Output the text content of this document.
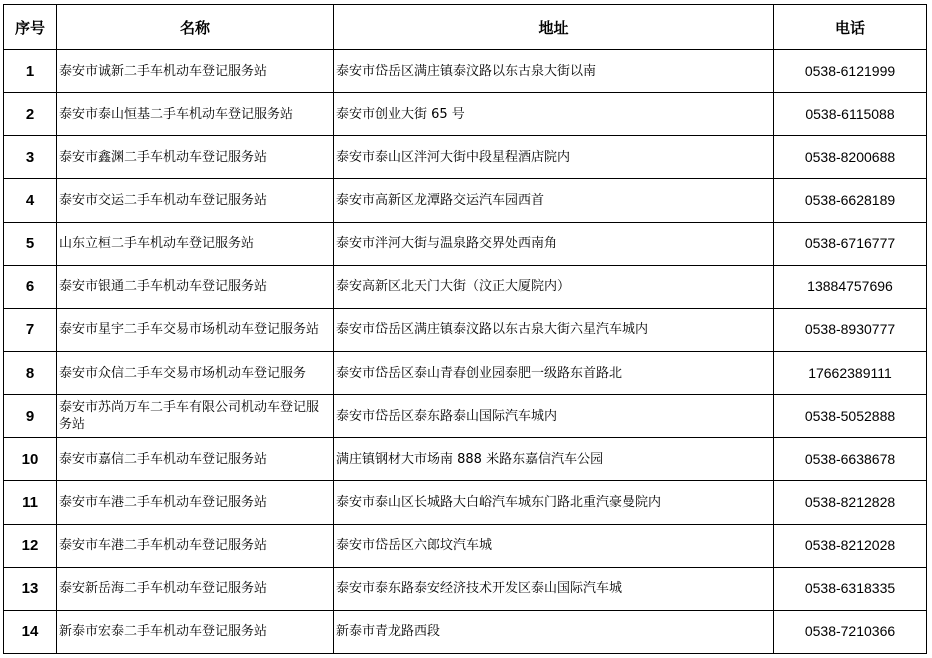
序号	名称	地址	电话
1	泰安市诚新二手车机动车登记服务站	泰安市岱岳区满庄镇泰汶路以东古泉大街以南	0538-6121999
2	泰安市泰山恒基二手车机动车登记服务站	泰安市创业大街 65 号	0538-6115088
3	泰安市鑫渊二手车机动车登记服务站	泰安市泰山区泮河大街中段星程酒店院内	0538-8200688
4	泰安市交运二手车机动车登记服务站	泰安市高新区龙潭路交运汽车园西首	0538-6628189
5	山东立桓二手车机动车登记服务站	泰安市泮河大街与温泉路交界处西南角	0538-6716777
6	泰安市银通二手车机动车登记服务站	泰安高新区北天门大街（汶正大厦院内）	13884757696
7	泰安市星宇二手车交易市场机动车登记服务站	泰安市岱岳区满庄镇泰汶路以东古泉大街六星汽车城内	0538-8930777
8	泰安市众信二手车交易市场机动车登记服务	泰安市岱岳区泰山青春创业园泰肥一级路东首路北	17662389111
9	泰安市苏尚万车二手车有限公司机动车登记服务站	泰安市岱岳区泰东路泰山国际汽车城内	0538-5052888
10	泰安市嘉信二手车机动车登记服务站	满庄镇钢材大市场南 888 米路东嘉信汽车公园	0538-6638678
11	泰安市车港二手车机动车登记服务站	泰安市泰山区长城路大白峪汽车城东门路北重汽豪曼院内	0538-8212828
12	泰安市车港二手车机动车登记服务站	泰安市岱岳区六郎坟汽车城	0538-8212028
13	泰安新岳海二手车机动车登记服务站	泰安市泰东路泰安经济技术开发区泰山国际汽车城	0538-6318335
14	新泰市宏泰二手车机动车登记服务站	新泰市青龙路西段	0538-7210366
